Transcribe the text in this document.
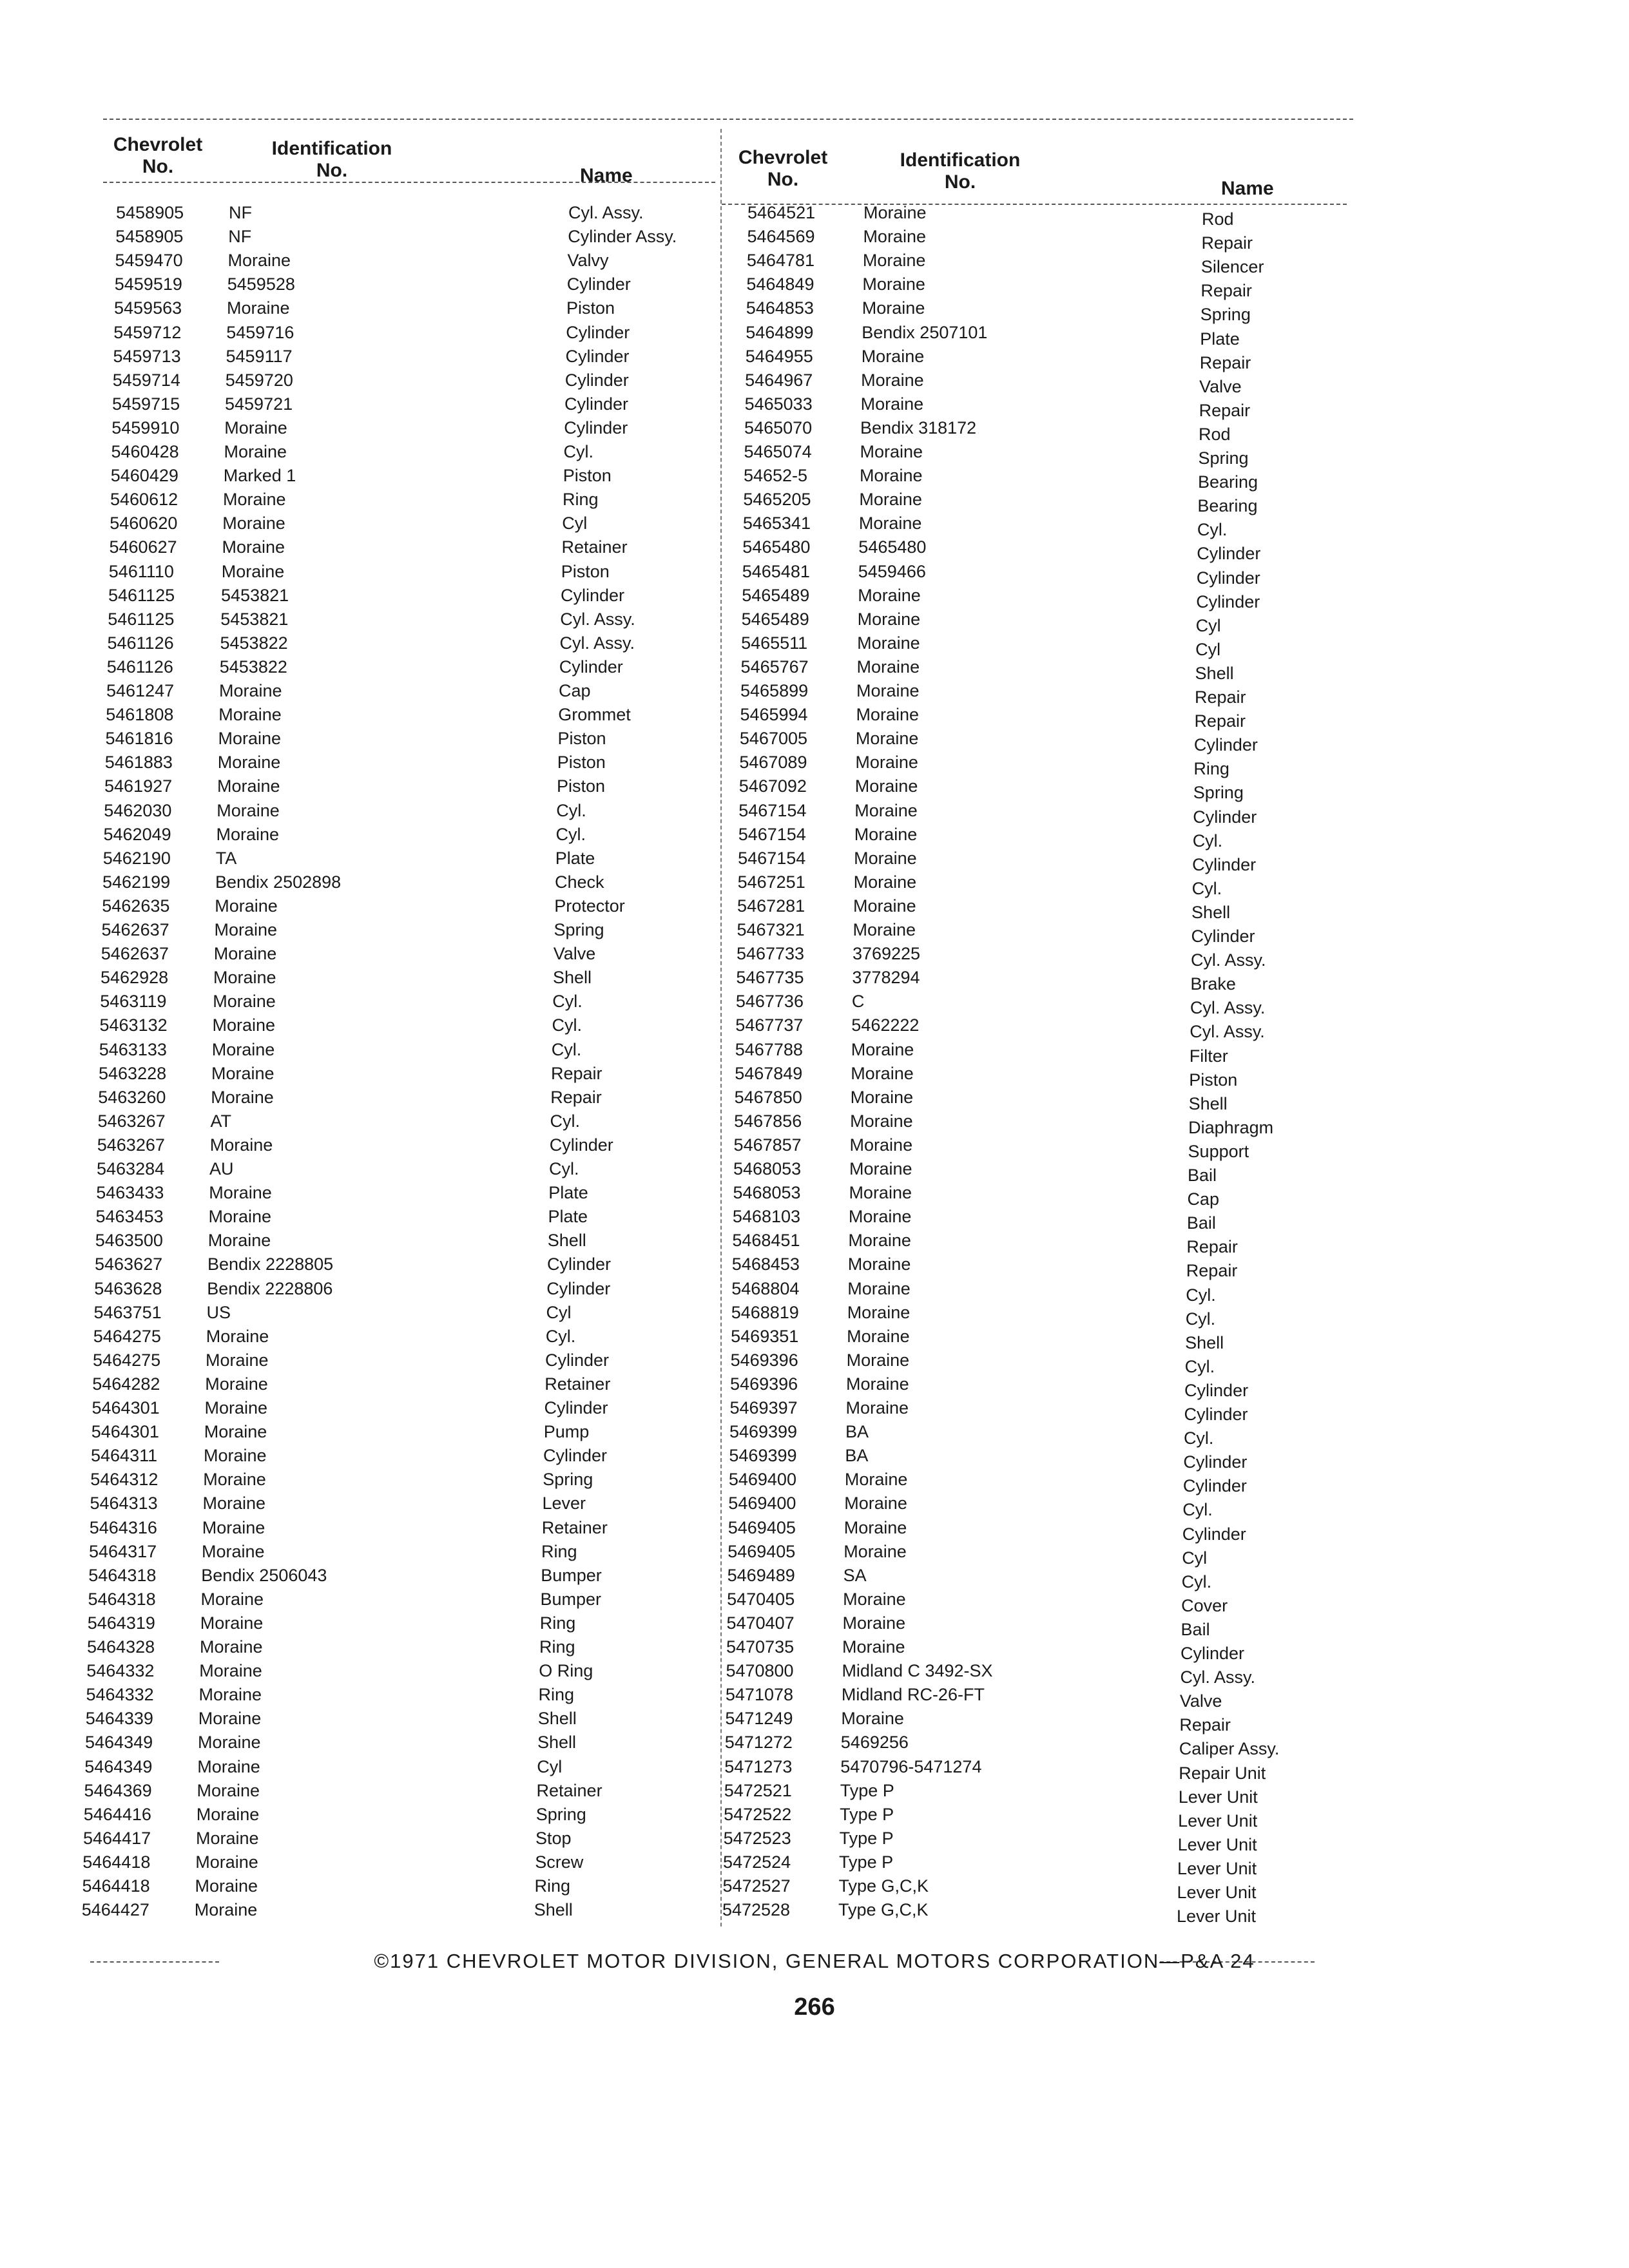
Chevrolet
No.
Identification
No.	Name
Chevrolet
No.
Identification
No.	Name
5458905	NF	Cyl. Assy.
5458905	NF	Cylinder Assy.
5459470	Moraine	Valvy
5459519	5459528	Cylinder
5459563	Moraine	Piston
5459712	5459716	Cylinder
5459713	5459117	Cylinder
5459714	5459720	Cylinder
5459715	5459721	Cylinder
5459910	Moraine	Cylinder
5460428	Moraine	Cyl.
5460429	Marked 1	Piston
5460612	Moraine	Ring
5460620	Moraine	Cyl
5460627	Moraine	Retainer
5461110	Moraine	Piston
5461125	5453821	Cylinder
5461125	5453821	Cyl. Assy.
5461126	5453822	Cyl. Assy.
5461126	5453822	Cylinder
5461247	Moraine	Cap
5461808	Moraine	Grommet
5461816	Moraine	Piston
5461883	Moraine	Piston
5461927	Moraine	Piston
5462030	Moraine	Cyl.
5462049	Moraine	Cyl.
5462190	TA	Plate
5462199	Bendix 2502898	Check
5462635	Moraine	Protector
5462637	Moraine	Spring
5462637	Moraine	Valve
5462928	Moraine	Shell
5463119	Moraine	Cyl.
5463132	Moraine	Cyl.
5463133	Moraine	Cyl.
5463228	Moraine	Repair
5463260	Moraine	Repair
5463267	AT	Cyl.
5463267	Moraine	Cylinder
5463284	AU	Cyl.
5463433	Moraine	Plate
5463453	Moraine	Plate
5463500	Moraine	Shell
5463627	Bendix 2228805	Cylinder
5463628	Bendix 2228806	Cylinder
5463751	US	Cyl
5464275	Moraine	Cyl.
5464275	Moraine	Cylinder
5464282	Moraine	Retainer
5464301	Moraine	Cylinder
5464301	Moraine	Pump
5464311	Moraine	Cylinder
5464312	Moraine	Spring
5464313	Moraine	Lever
5464316	Moraine	Retainer
5464317	Moraine	Ring
5464318	Bendix 2506043	Bumper
5464318	Moraine	Bumper
5464319	Moraine	Ring
5464328	Moraine	Ring
5464332	Moraine	O Ring
5464332	Moraine	Ring
5464339	Moraine	Shell
5464349	Moraine	Shell
5464349	Moraine	Cyl
5464369	Moraine	Retainer
5464416	Moraine	Spring
5464417	Moraine	Stop
5464418	Moraine	Screw
5464418	Moraine	Ring
5464427	Moraine	Shell
5464521	Moraine	Rod
5464569	Moraine	Repair
5464781	Moraine	Silencer
5464849	Moraine	Repair
5464853	Moraine	Spring
5464899	Bendix 2507101	Plate
5464955	Moraine	Repair
5464967	Moraine	Valve
5465033	Moraine	Repair
5465070	Bendix 318172	Rod
5465074	Moraine	Spring
54652-5	Moraine	Bearing
5465205	Moraine	Bearing
5465341	Moraine	Cyl.
5465480	5465480	Cylinder
5465481	5459466	Cylinder
5465489	Moraine	Cylinder
5465489	Moraine	Cyl
5465511	Moraine	Cyl
5465767	Moraine	Shell
5465899	Moraine	Repair
5465994	Moraine	Repair
5467005	Moraine	Cylinder
5467089	Moraine	Ring
5467092	Moraine	Spring
5467154	Moraine	Cylinder
5467154	Moraine	Cyl.
5467154	Moraine	Cylinder
5467251	Moraine	Cyl.
5467281	Moraine	Shell
5467321	Moraine	Cylinder
5467733	3769225	Cyl. Assy.
5467735	3778294	Brake
5467736	C	Cyl. Assy.
5467737	5462222	Cyl. Assy.
5467788	Moraine	Filter
5467849	Moraine	Piston
5467850	Moraine	Shell
5467856	Moraine	Diaphragm
5467857	Moraine	Support
5468053	Moraine	Bail
5468053	Moraine	Cap
5468103	Moraine	Bail
5468451	Moraine	Repair
5468453	Moraine	Repair
5468804	Moraine	Cyl.
5468819	Moraine	Cyl.
5469351	Moraine	Shell
5469396	Moraine	Cyl.
5469396	Moraine	Cylinder
5469397	Moraine	Cylinder
5469399	BA	Cyl.
5469399	BA	Cylinder
5469400	Moraine	Cylinder
5469400	Moraine	Cyl.
5469405	Moraine	Cylinder
5469405	Moraine	Cyl
5469489	SA	Cyl.
5470405	Moraine	Cover
5470407	Moraine	Bail
5470735	Moraine	Cylinder
5470800	Midland C 3492-SX	Cyl. Assy.
5471078	Midland RC-26-FT	Valve
5471249	Moraine	Repair
5471272	5469256	Caliper Assy.
5471273	5470796-5471274	Repair Unit
5472521	Type P	Lever Unit
5472522	Type P	Lever Unit
5472523	Type P	Lever Unit
5472524	Type P	Lever Unit
5472527	Type G,C,K	Lever Unit
5472528	Type G,C,K	Lever Unit
©1971 CHEVROLET MOTOR DIVISION, GENERAL MOTORS CORPORATION—P&A 24
266
